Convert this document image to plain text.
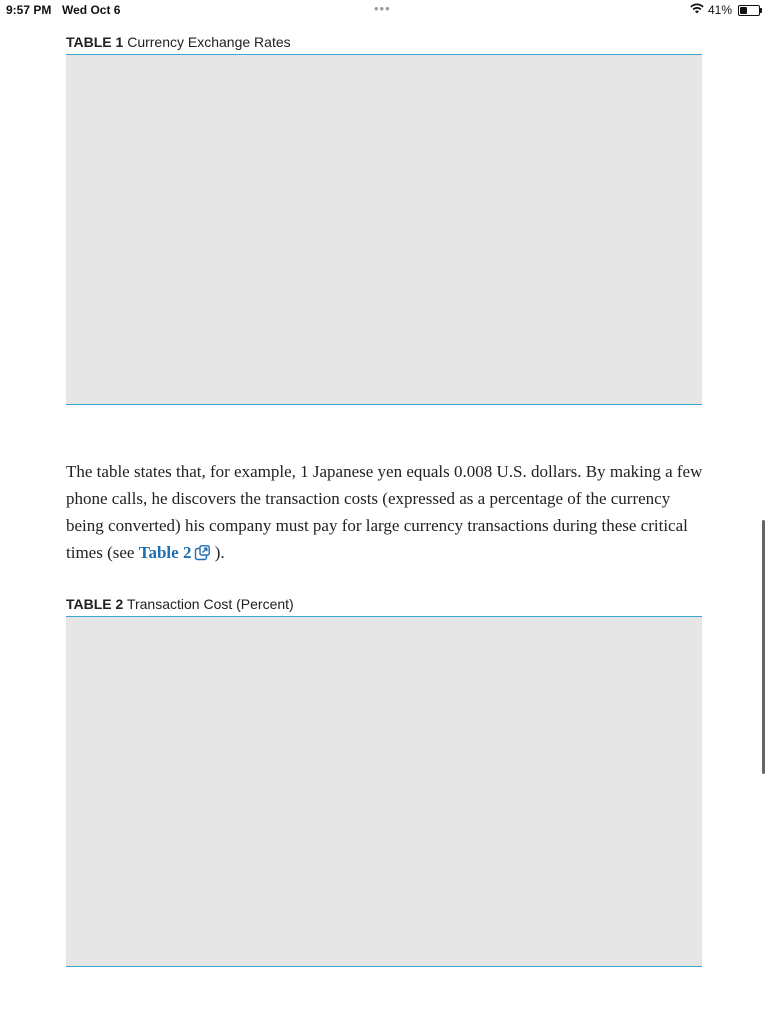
9:57 PM Wed Oct 6	•••	41%
TABLE 1 Currency Exchange Rates
The table states that, for example, 1 Japanese yen equals 0.008 U.S. dollars. By making a few phone calls, he discovers the transaction costs (expressed as a percentage of the currency being converted) his company must pay for large currency transactions during these critical times (see Table 2 ).
TABLE 2 Transaction Cost (Percent)
